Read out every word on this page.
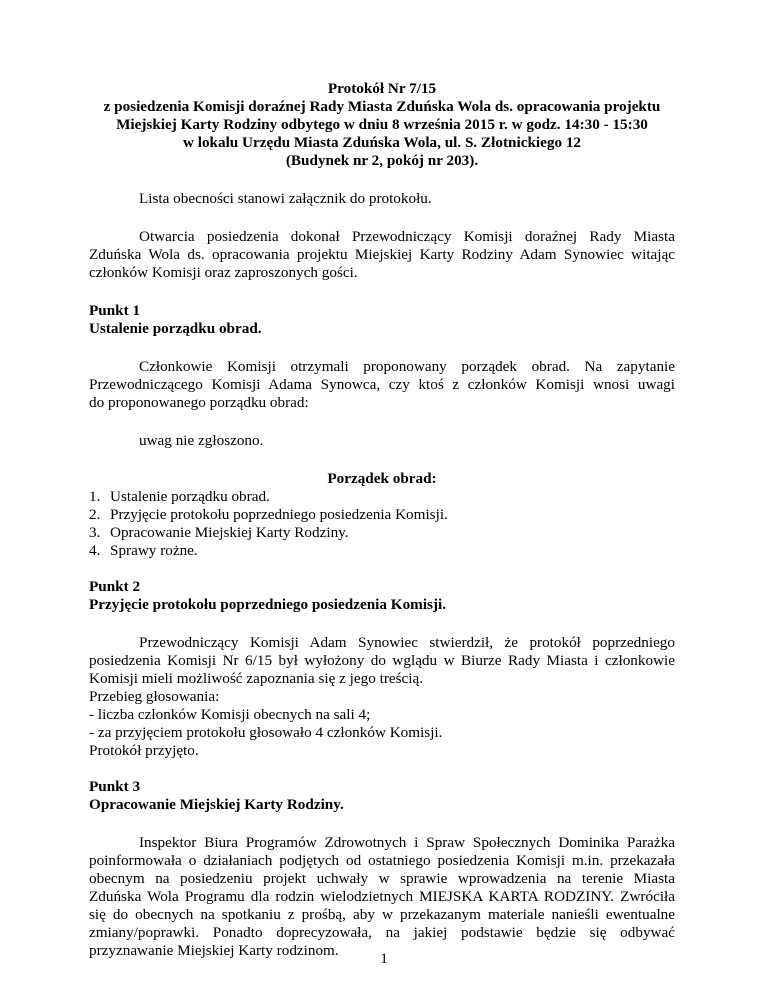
Protokół Nr 7/15
z posiedzenia Komisji doraźnej Rady Miasta Zduńska Wola ds. opracowania projektu
Miejskiej Karty Rodziny odbytego w dniu 8 września 2015 r. w godz. 14:30 - 15:30
w lokalu Urzędu Miasta Zduńska Wola, ul. S. Złotnickiego 12
(Budynek nr 2, pokój nr 203).

Lista obecności stanowi załącznik do protokołu.

Otwarcia posiedzenia dokonał Przewodniczący Komisji doraźnej Rady Miasta
Zduńska Wola ds. opracowania projektu Miejskiej Karty Rodziny Adam Synowiec witając
członków Komisji oraz zaproszonych gości.

Punkt 1

Ustalenie porządku obrad.

Członkowie Komisji otrzymali proponowany porządek obrad. Na zapytanie
Przewodniczącego Komisji Adama Synowca, czy ktoś z członków Komisji wnosi uwagi
do proponowanego porządku obrad:

uwag nie zgłoszono.

Porządek obrad:

1. Ustalenie porządku obrad.
2. Przyjęcie protokołu poprzedniego posiedzenia Komisji.
3. Opracowanie Miejskiej Karty Rodziny.
4. Sprawy rożne.

Punkt 2

Przyjęcie protokołu poprzedniego posiedzenia Komisji.

Przewodniczący Komisji Adam Synowiec stwierdził, że protokół poprzedniego
posiedzenia Komisji Nr 6/15 był wyłożony do wglądu w Biurze Rady Miasta i członkowie
Komisji mieli możliwość zapoznania się z jego treścią.
Przebieg głosowania:
- liczba członków Komisji obecnych na sali 4;
- za przyjęciem protokołu głosowało 4 członków Komisji.
Protokół przyjęto.

Punkt 3

Opracowanie Miejskiej Karty Rodziny.

Inspektor Biura Programów Zdrowotnych i Spraw Społecznych Dominika Parażka
poinformowała o działaniach podjętych od ostatniego posiedzenia Komisji m.in. przekazała
obecnym na posiedzeniu projekt uchwały w sprawie wprowadzenia na terenie Miasta
Zduńska Wola Programu dla rodzin wielodzietnych MIEJSKA KARTA RODZINY. Zwróciła
się do obecnych na spotkaniu z prośbą, aby w przekazanym materiale nanieśli ewentualne
zmiany/poprawki. Ponadto doprecyzowała, na jakiej podstawie będzie się odbywać
przyznawanie Miejskiej Karty rodzinom.	1
